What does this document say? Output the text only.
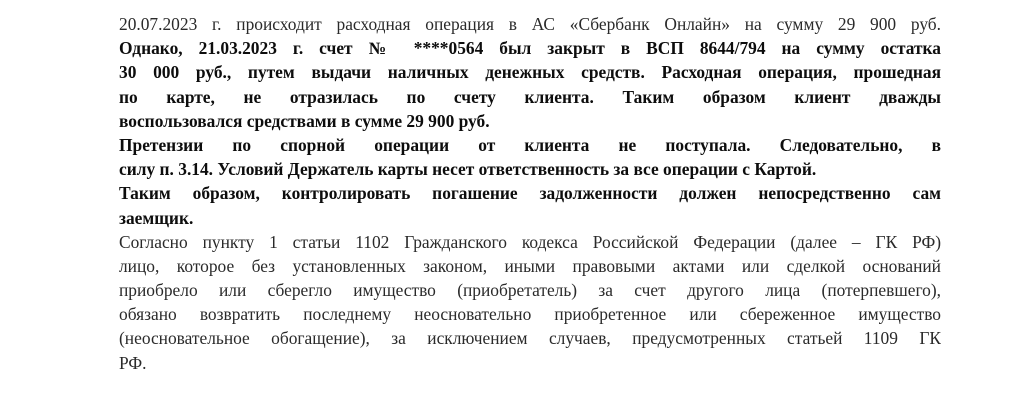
20.07.2023 г. происходит расходная операция в АС «Сбербанк Онлайн» на сумму 29 900 руб.
Однако, 21.03.2023 г. счет № ****0564 был закрыт в ВСП 8644/794 на сумму остатка
30 000 руб., путем выдачи наличных денежных средств. Расходная операция, прошедная
по карте, не отразилась по счету клиента. Таким образом клиент дважды
воспользовался средствами в сумме 29 900 руб.
Претензии по спорной операции от клиента не поступала. Следовательно, в
силу п. 3.14. Условий Держатель карты несет ответственность за все операции с Картой.
Таким образом, контролировать погашение задолженности должен непосредственно сам
заемщик.
Согласно пункту 1 статьи 1102 Гражданского кодекса Российской Федерации (далее – ГК РФ)
лицо, которое без установленных законом, иными правовыми актами или сделкой оснований
приобрело или сберегло имущество (приобретатель) за счет другого лица (потерпевшего),
обязано возвратить последнему неосновательно приобретенное или сбереженное имущество
(неосновательное обогащение), за исключением случаев, предусмотренных статьей 1109 ГК
РФ.
